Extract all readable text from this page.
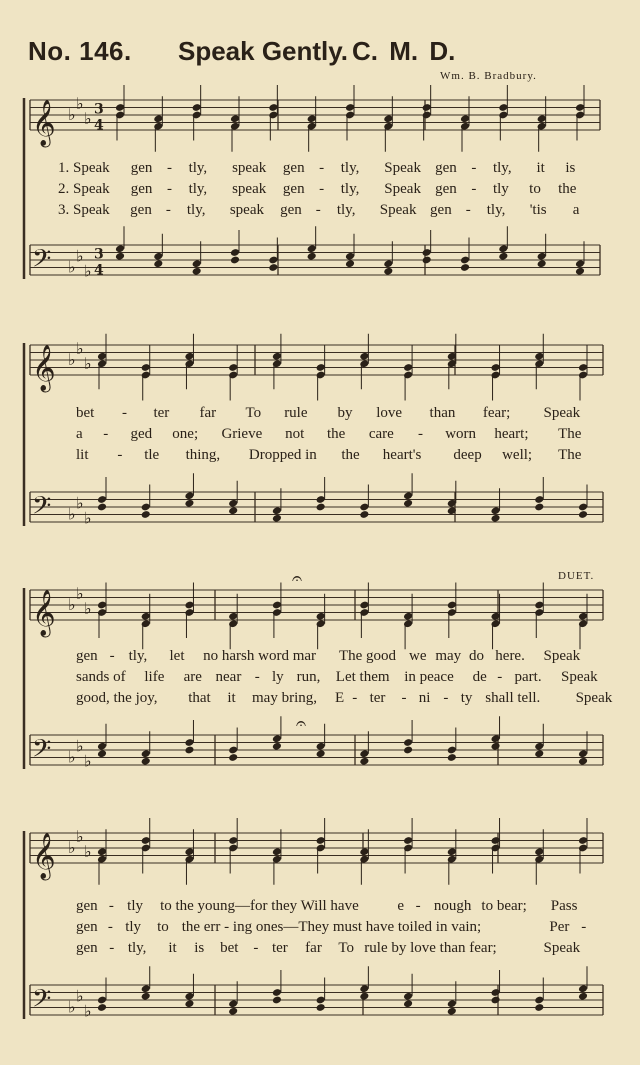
No. 146. Speak Gently. C. M. D.
Wm. B. Bradbury.
DUET.
𝄞 ♭
♭
♭ 3
4
𝄢 ♭
♭
♭
3
4
𝄞 ♭
♭
♭
𝄢 ♭
♭
♭
𝄞 ♭
♭
♭
𝄢 ♭
♭
♭
𝄐
𝄐
𝄞 ♭
♭
♭
𝄢 ♭
♭
♭
1. Speak gen - tly, speak gen - tly, Speak gen - tly, it is
2. Speak gen - tly, speak gen - tly, Speak gen - tly to the
3. Speak gen - tly, speak gen - tly, Speak gen - tly, 'tis a
bet - ter far To rule by love than fear; Speak
a - ged one; Grieve not the care - worn heart; The
lit - tle thing, Dropped in the heart's deep well; The
gen - tly, let no harsh word mar The good we may do here. Speak
sands of life are near - ly run, Let them in peace de - part. Speak
good, the joy, that it may bring, E - ter - ni - ty shall tell. Speak
gen - tly to the young—for they Will have	e - nough to bear; Pass
gen - tly to the err - ing ones—They must have toiled in vain;	Per -
gen - tly, it is bet - ter far To rule by love than fear;	Speak
